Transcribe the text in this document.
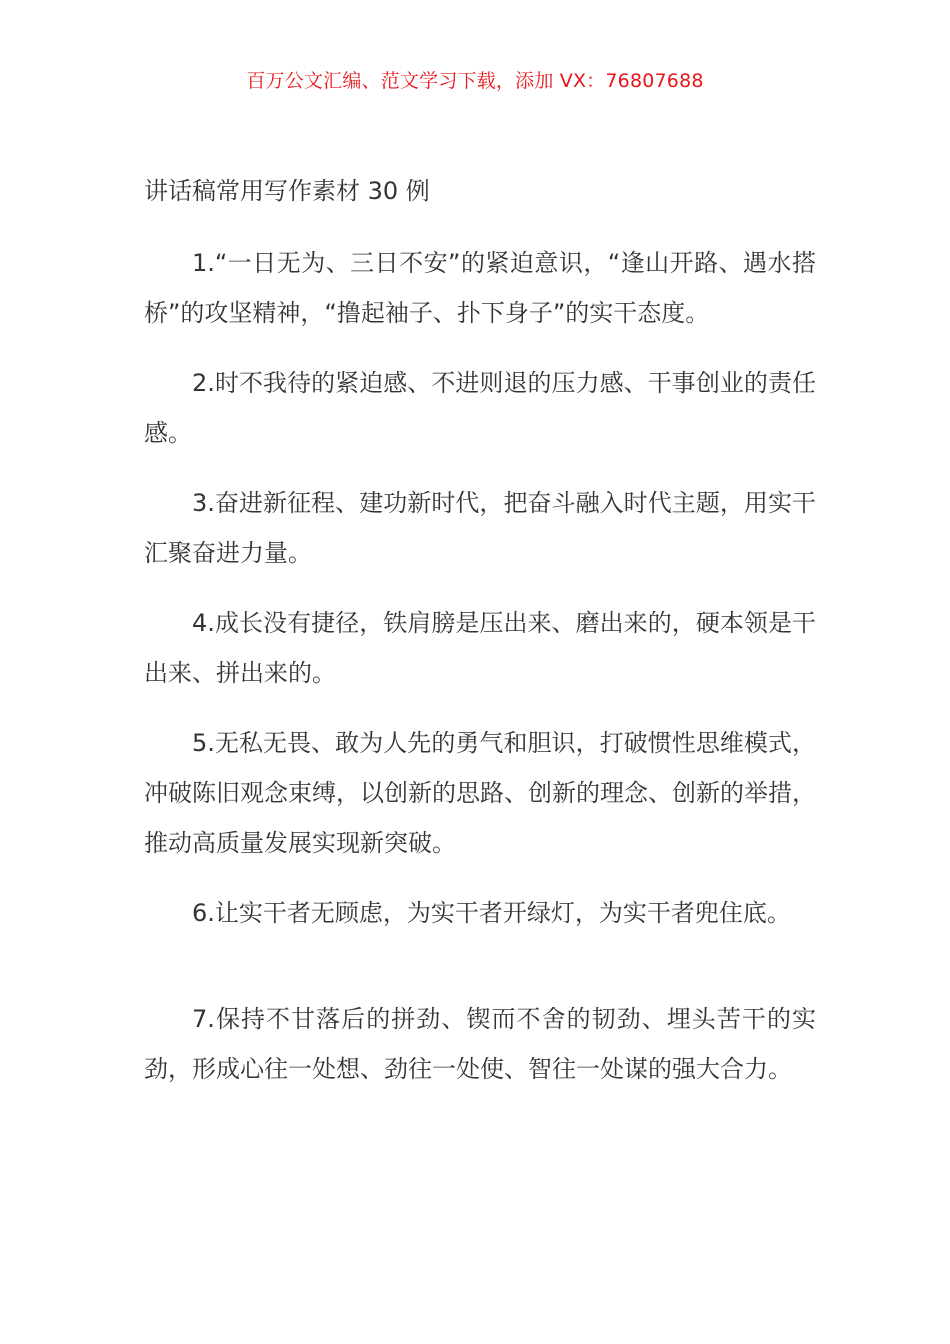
百万公文汇编、范文学习下载，添加 VX：76807688
讲话稿常用写作素材 30 例

1.“一日无为、三日不安”的紧迫意识，“逢山开路、遇水搭桥”的攻坚精神，“撸起袖子、扑下身子”的实干态度。

2.时不我待的紧迫感、不进则退的压力感、干事创业的责任感。

3.奋进新征程、建功新时代，把奋斗融入时代主题，用实干汇聚奋进力量。

4.成长没有捷径，铁肩膀是压出来、磨出来的，硬本领是干出来、拼出来的。

5.无私无畏、敢为人先的勇气和胆识，打破惯性思维模式，冲破陈旧观念束缚，以创新的思路、创新的理念、创新的举措，推动高质量发展实现新突破。

6.让实干者无顾虑，为实干者开绿灯，为实干者兜住底。

7.保持不甘落后的拼劲、锲而不舍的韧劲、埋头苦干的实劲，形成心往一处想、劲往一处使、智往一处谋的强大合力。
